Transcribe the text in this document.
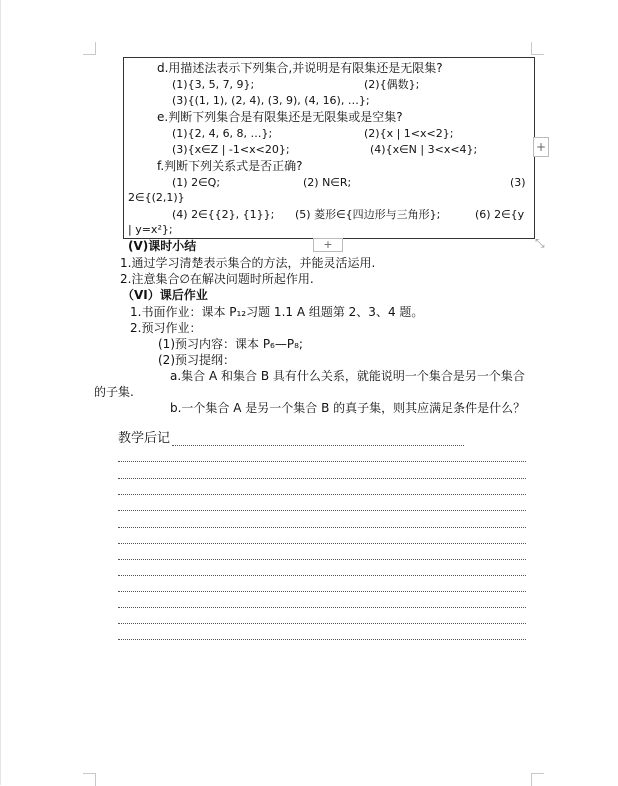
d.用描述法表示下列集合,并说明是有限集还是无限集?
(1){3, 5, 7, 9};	(2){偶数};
(3){(1, 1), (2, 4), (3, 9), (4, 16), …};
e.判断下列集合是有限集还是无限集或是空集?
(1){2, 4, 6, 8, …};	(2){x | 1<x<2};
(3){x∈Z | -1<x<20};	(4){x∈N | 3<x<4};
f.判断下列关系式是否正确?
(1) 2∈Q;	(2) N∈R;	(3)
2∈{(2,1)}
(4) 2∈{{2}, {1}}; (5) 菱形∈{四边形与三角形};	(6) 2∈{y
| y=x²};
+
+	⤡
(V)课时小结
1.通过学习清楚表示集合的方法，并能灵活运用.
2.注意集合∅在解决问题时所起作用.
（VI）课后作业
1.书面作业：课本 P₁₂习题 1.1 A 组题第 2、3、4 题。
2.预习作业：
(1)预习内容：课本 P₆—P₈;
(2)预习提纲：
a.集合 A 和集合 B 具有什么关系，就能说明一个集合是另一个集合
的子集.
b.一个集合 A 是另一个集合 B 的真子集，则其应满足条件是什么？
教学后记
